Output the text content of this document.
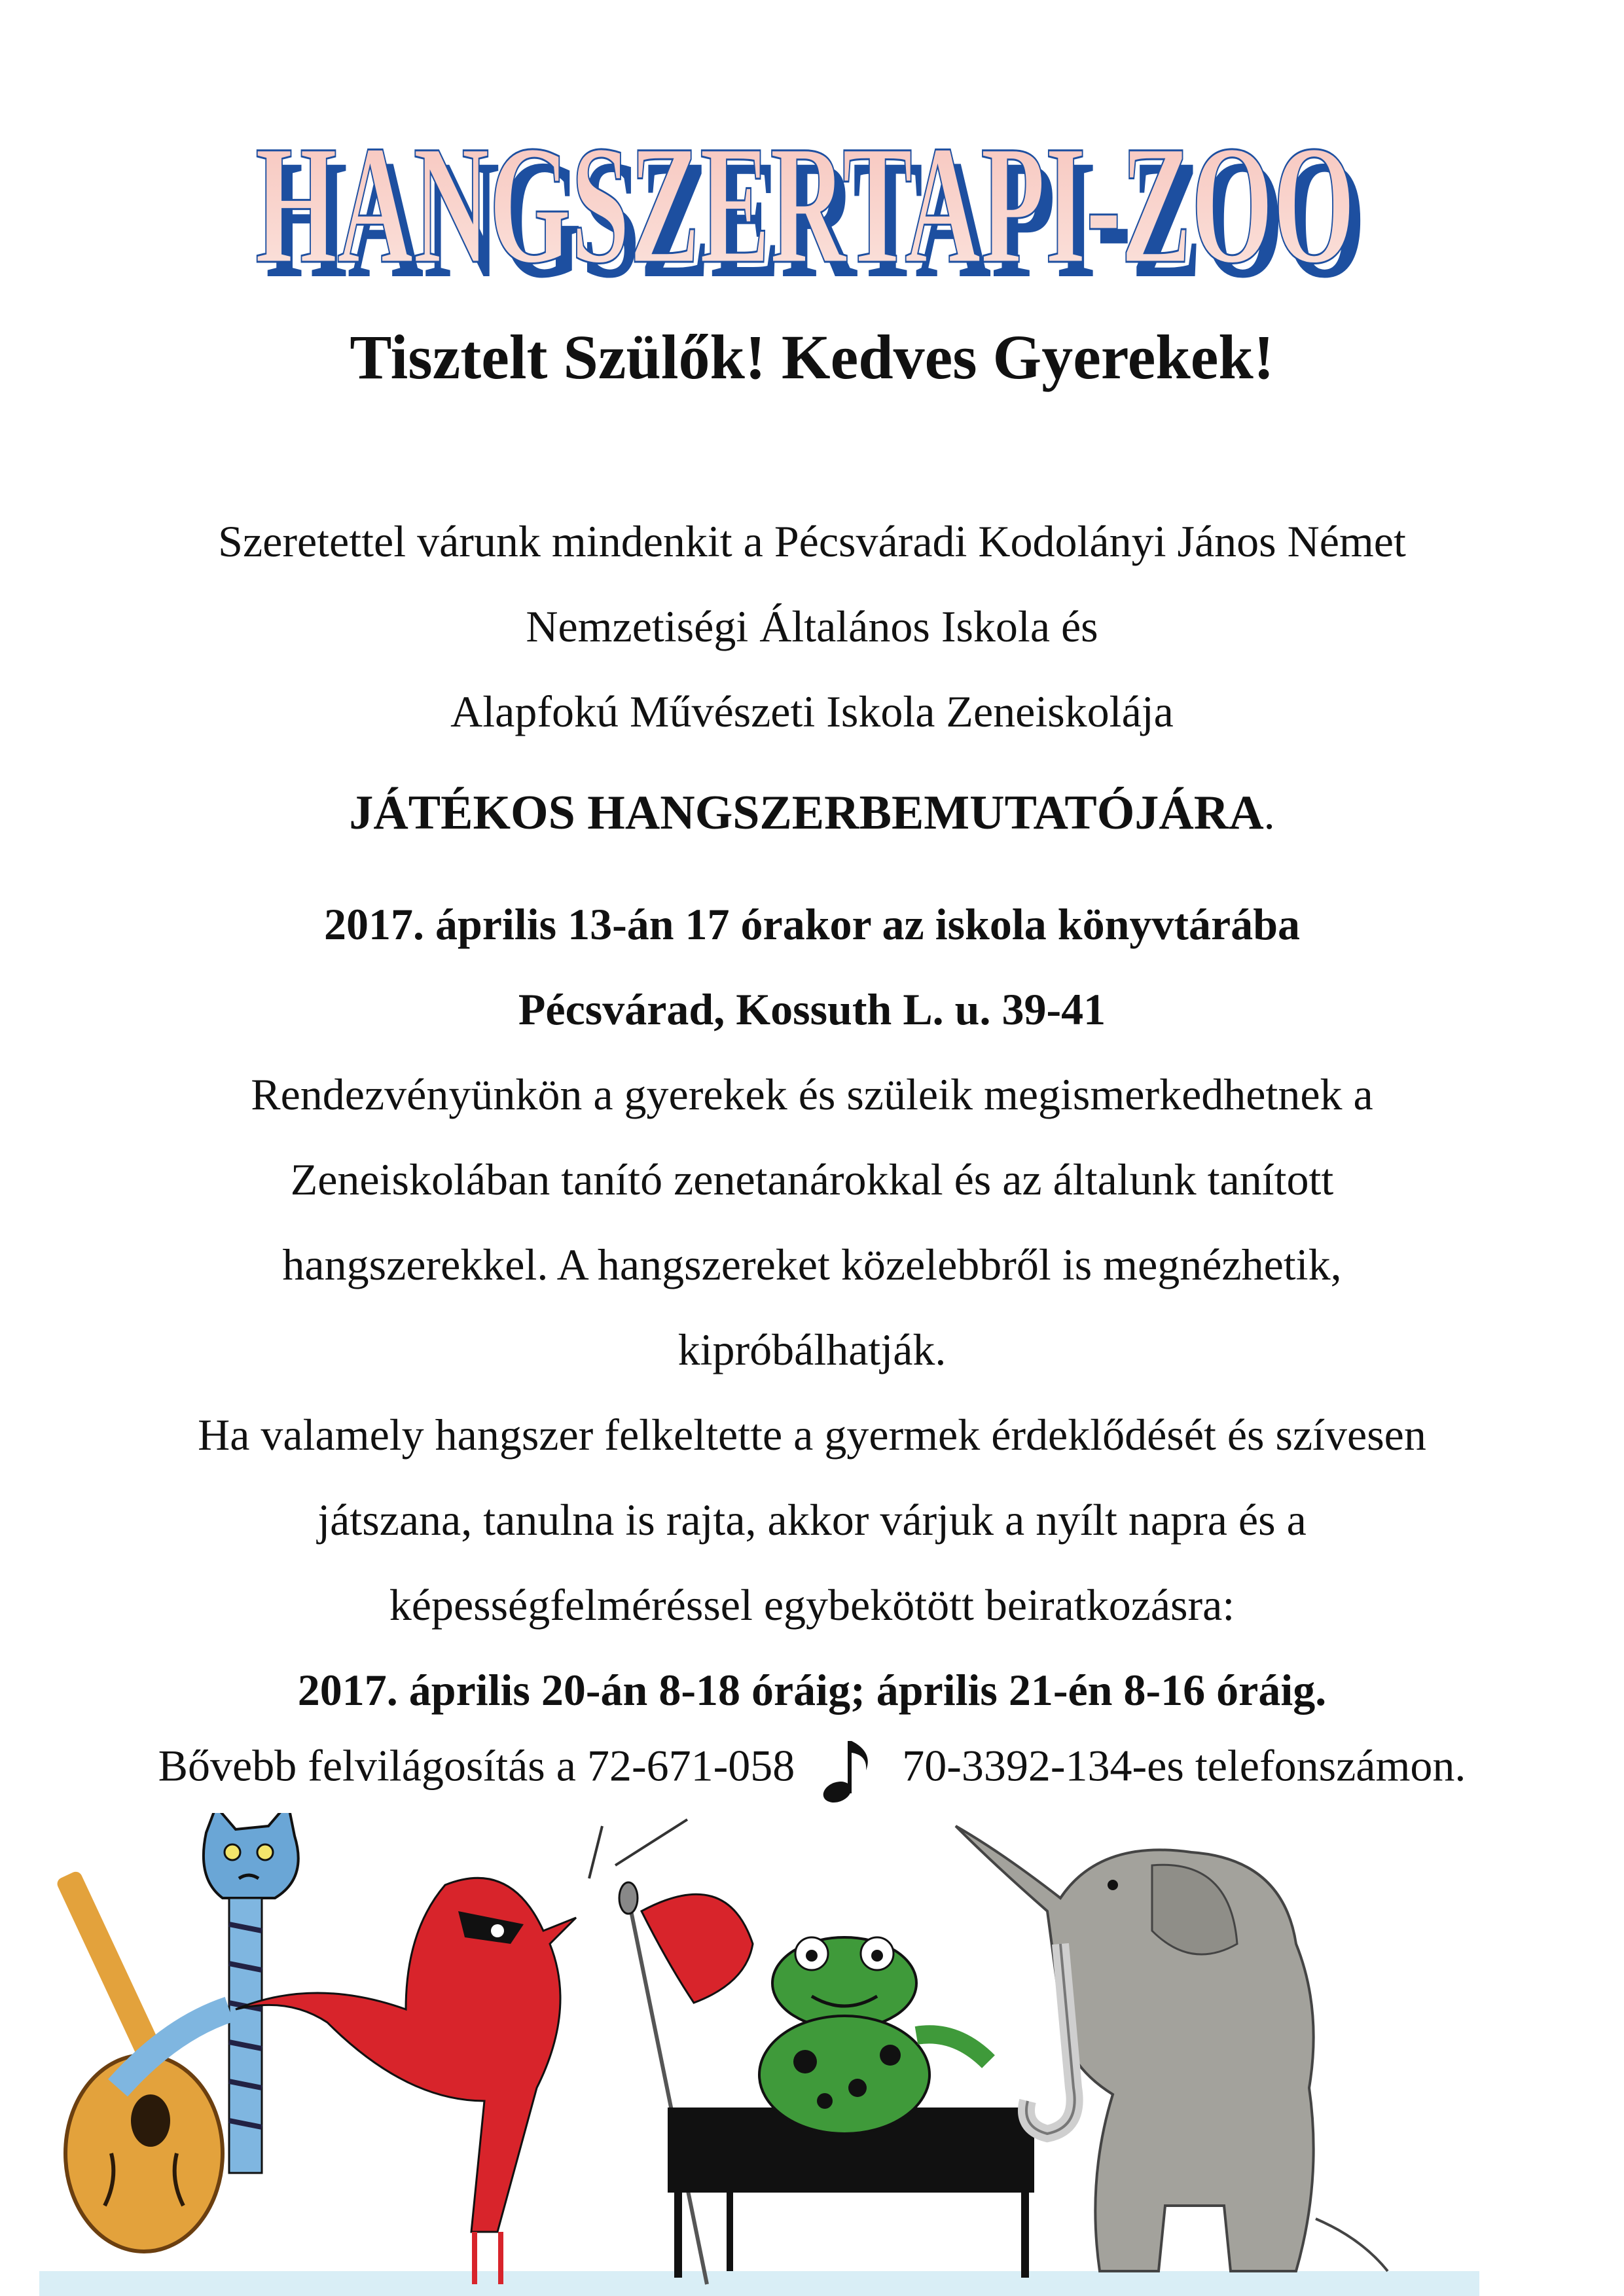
HANGSZERTAPI-ZOO
HANGSZERTAPI-ZOO
Tisztelt Szülők! Kedves Gyerekek!
Szeretettel várunk mindenkit a Pécsváradi Kodolányi János Német
Nemzetiségi Általános Iskola és
Alapfokú Művészeti Iskola Zeneiskolája
JÁTÉKOS HANGSZERBEMUTATÓJÁRA.
2017. április 13-án 17 órakor az iskola könyvtárába
Pécsvárad, Kossuth L. u. 39-41
Rendezvényünkön a gyerekek és szüleik megismerkedhetnek a
Zeneiskolában tanító zenetanárokkal és az általunk tanított
hangszerekkel. A hangszereket közelebbről is megnézhetik,
kipróbálhatják.
Ha valamely hangszer felkeltette a gyermek érdeklődését és szívesen
játszana, tanulna is rajta, akkor várjuk a nyílt napra és a
képességfelméréssel egybekötött beiratkozásra:
2017. április 20-án 8-18 óráig; április 21-én 8-16 óráig.
Bővebb felvilágosítás a 72-671-058 70-3392-134-es telefonszámon.
